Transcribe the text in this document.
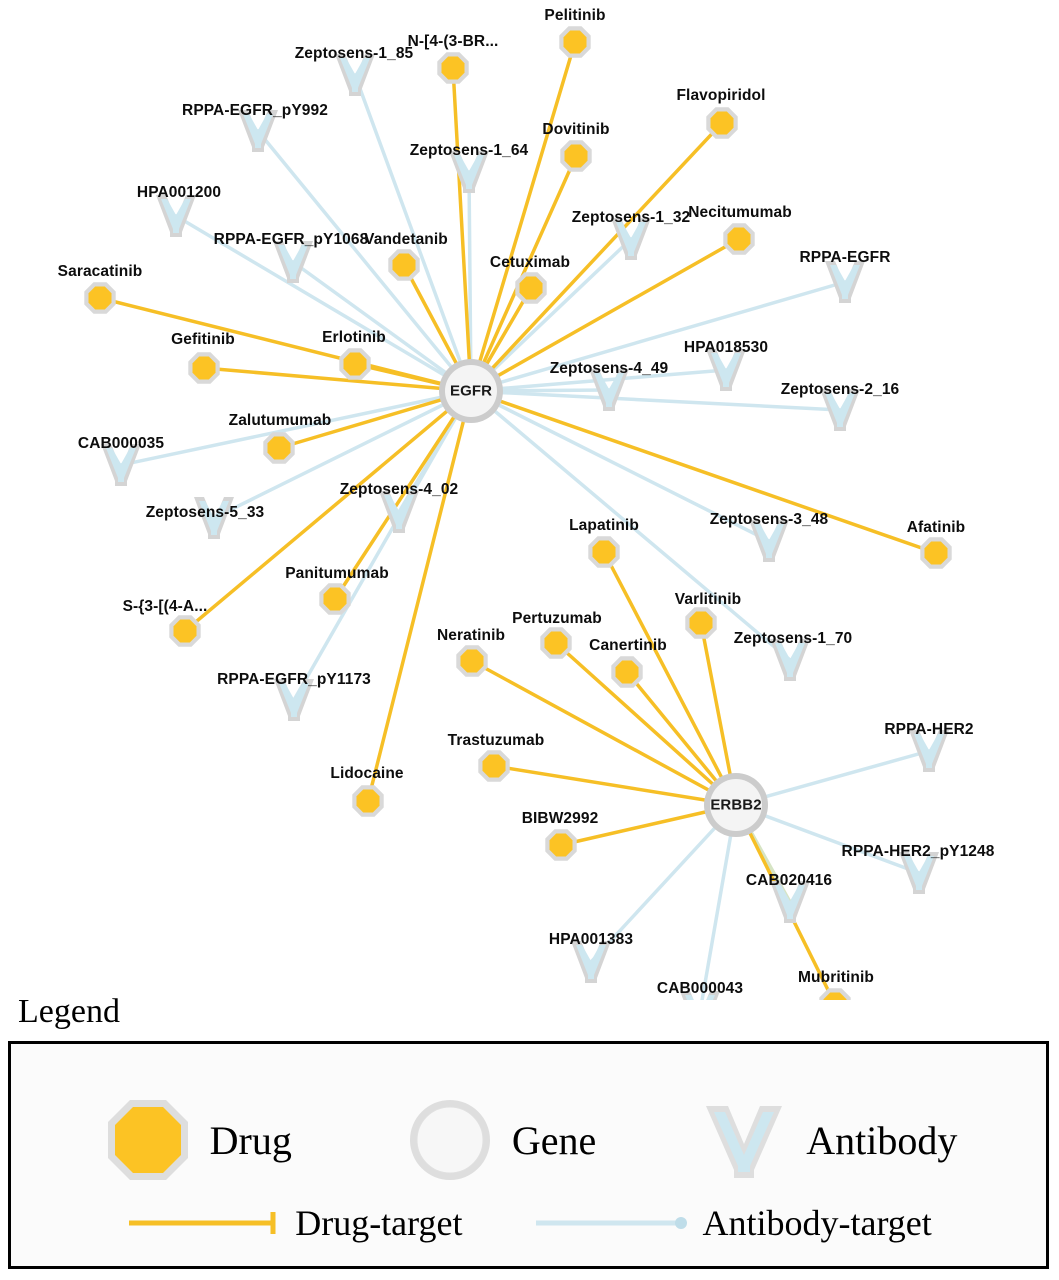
Zeptosens-1_85
RPPA-EGFR_pY992
Zeptosens-1_64
HPA001200
Zeptosens-1_32
RPPA-EGFR_pY1068
RPPA-EGFR
HPA018530
Zeptosens-4_49
Zeptosens-2_16
CAB000035
Zeptosens-5_33
Zeptosens-4_02
Zeptosens-3_48
Zeptosens-1_70
RPPA-EGFR_pY1173
RPPA-HER2
RPPA-HER2_pY1248
CAB020416
HPA001383
CAB000043
Pelitinib
N-[4-(3-BR...
Flavopiridol
Dovitinib
Necitumumab
Vandetanib
Cetuximab
Saracatinib
Gefitinib	Erlotinib
Zalutumumab
Afatinib
Lapatinib
Varlitinib
Panitumumab
S-{3-[(4-A...
Pertuzumab
Canertinib
Neratinib
Trastuzumab
Lidocaine
BIBW2992
Mubritinib
EGFR
ERBB2
Legend
Drug	Gene	Antibody
Drug-target	Antibody-target
